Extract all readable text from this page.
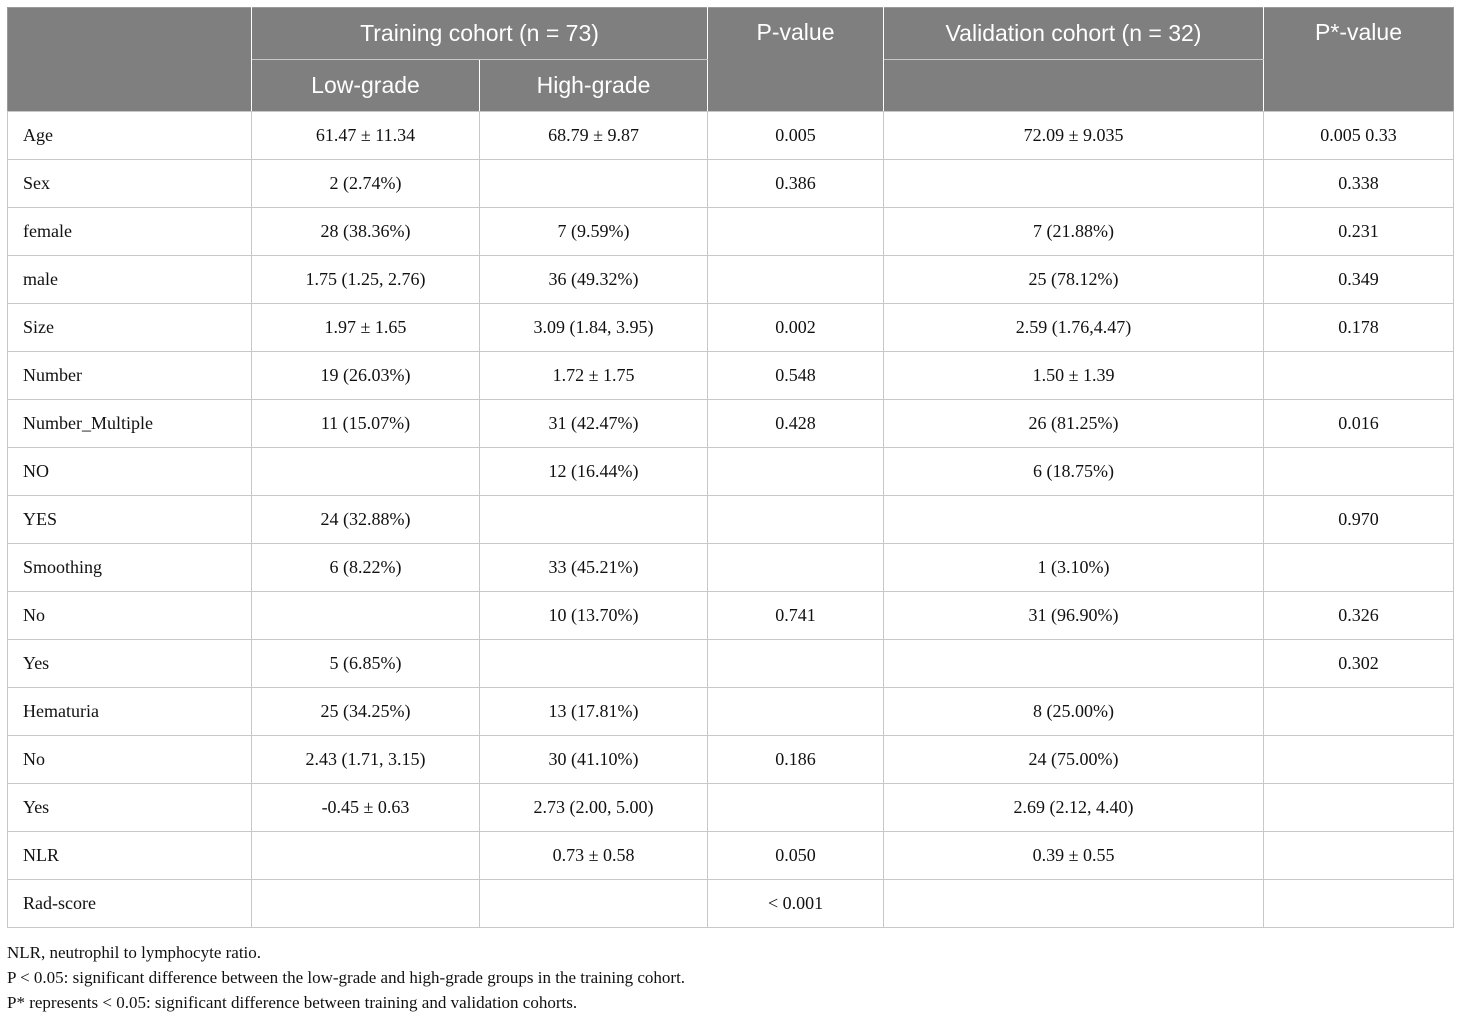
	Training cohort (n = 73)		P-value	Validation cohort (n = 32)	P*-value
	Low-grade	High-grade			
Age	61.47 ± 11.34	68.79 ± 9.87	0.005	72.09 ± 9.035	0.005 0.33
Sex	2 (2.74%)		0.386		0.338
female	28 (38.36%)	7 (9.59%)		7 (21.88%)	0.231
male	1.75 (1.25, 2.76)	36 (49.32%)		25 (78.12%)	0.349
Size	1.97 ± 1.65	3.09 (1.84, 3.95)	0.002	2.59 (1.76,4.47)	0.178
Number	19 (26.03%)	1.72 ± 1.75	0.548	1.50 ± 1.39	
Number_Multiple	11 (15.07%)	31 (42.47%)	0.428	26 (81.25%)	0.016
NO		12 (16.44%)		6 (18.75%)	
YES	24 (32.88%)				0.970
Smoothing	6 (8.22%)	33 (45.21%)		1 (3.10%)	
No		10 (13.70%)	0.741	31 (96.90%)	0.326
Yes	5 (6.85%)				0.302
Hematuria	25 (34.25%)	13 (17.81%)		8 (25.00%)	
No	2.43 (1.71, 3.15)	30 (41.10%)	0.186	24 (75.00%)	
Yes	-0.45 ± 0.63	2.73 (2.00, 5.00)		2.69 (2.12, 4.40)	
NLR		0.73 ± 0.58	0.050	0.39 ± 0.55	
Rad-score			< 0.001		
NLR, neutrophil to lymphocyte ratio.
P < 0.05: significant difference between the low-grade and high-grade groups in the training cohort.
P* represents < 0.05: significant difference between training and validation cohorts.
